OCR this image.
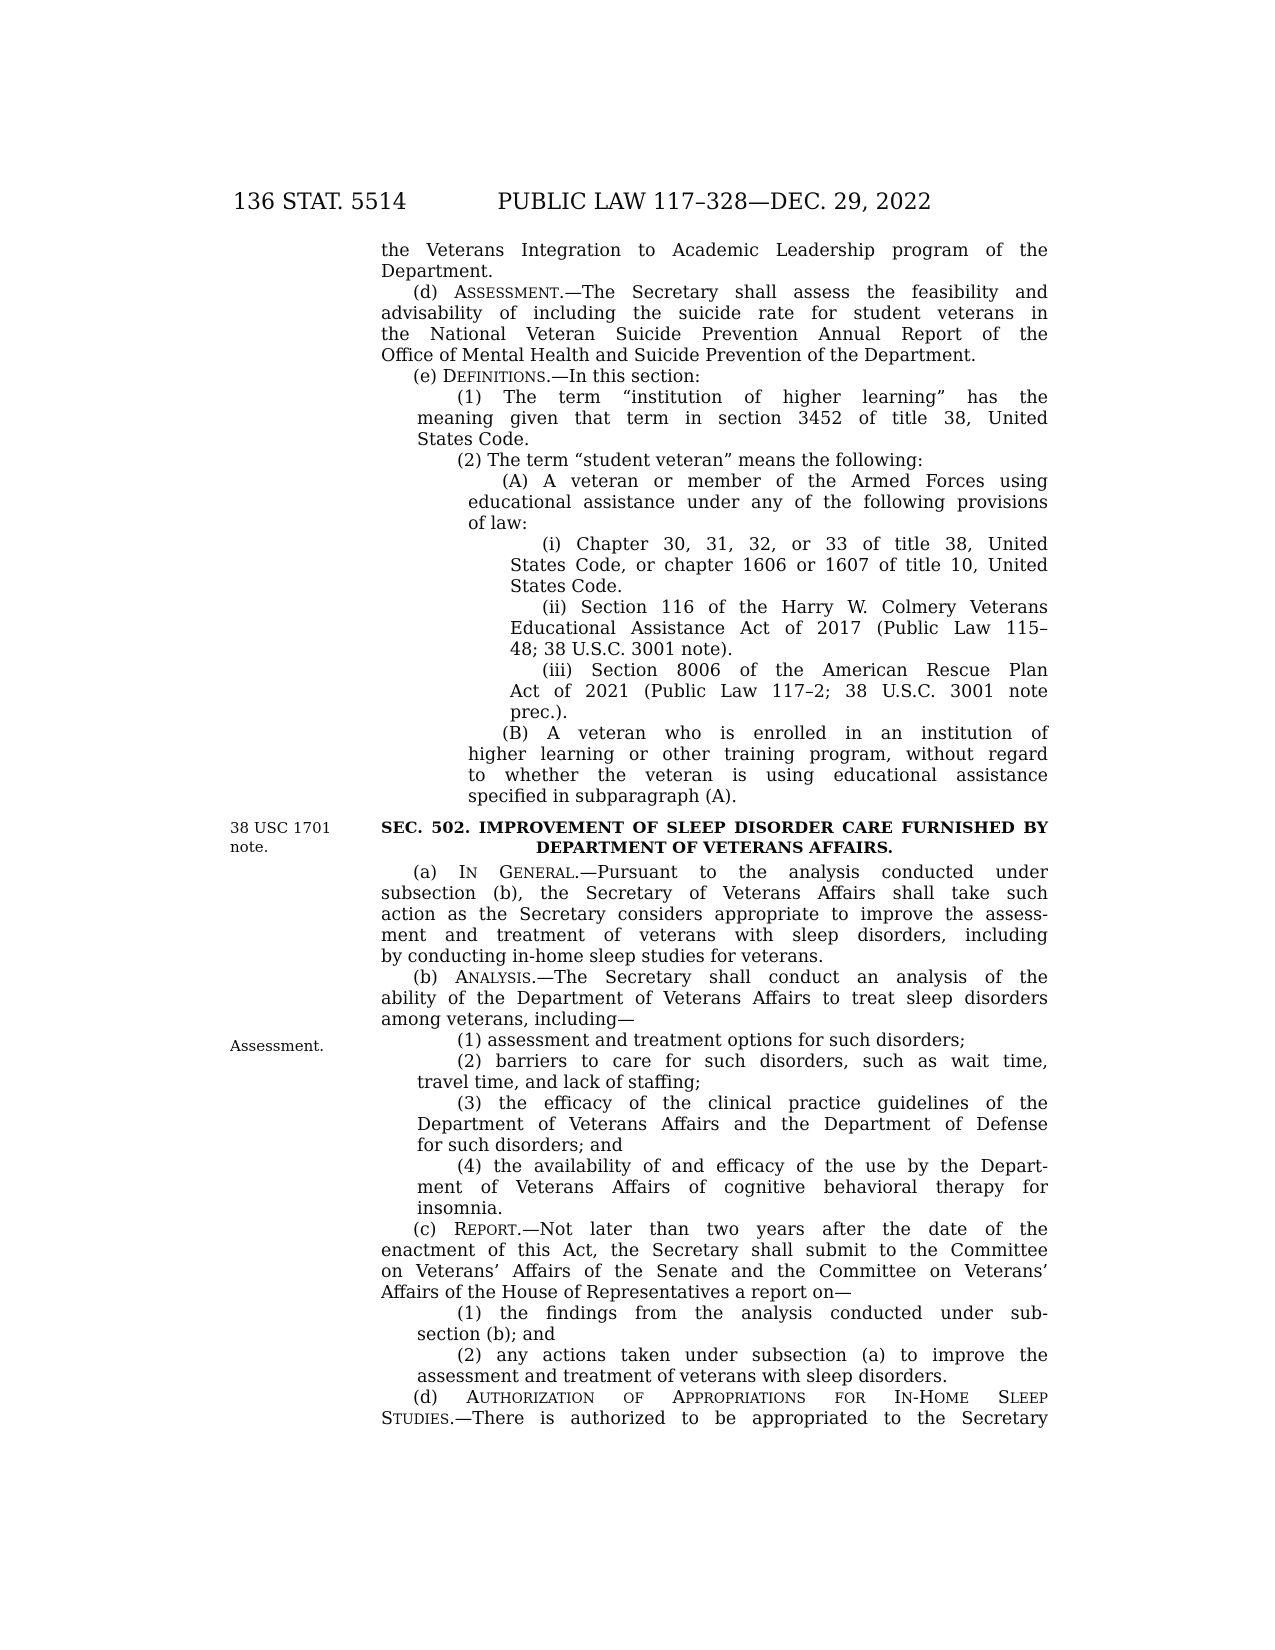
136 STAT. 5514	PUBLIC LAW 117–328—DEC. 29, 2022
38 USC 1701
note.
Assessment.
the Veterans Integration to Academic Leadership program of the
Department.
(d) ASSESSMENT.—The Secretary shall assess the feasibility and
advisability of including the suicide rate for student veterans in
the National Veteran Suicide Prevention Annual Report of the
Office of Mental Health and Suicide Prevention of the Department.
(e) DEFINITIONS.—In this section:
(1) The term “institution of higher learning” has the
meaning given that term in section 3452 of title 38, United
States Code.
(2) The term “student veteran” means the following:
(A) A veteran or member of the Armed Forces using
educational assistance under any of the following provisions
of law:
(i) Chapter 30, 31, 32, or 33 of title 38, United
States Code, or chapter 1606 or 1607 of title 10, United
States Code.
(ii) Section 116 of the Harry W. Colmery Veterans
Educational Assistance Act of 2017 (Public Law 115–
48; 38 U.S.C. 3001 note).
(iii) Section 8006 of the American Rescue Plan
Act of 2021 (Public Law 117–2; 38 U.S.C. 3001 note
prec.).
(B) A veteran who is enrolled in an institution of
higher learning or other training program, without regard
to whether the veteran is using educational assistance
specified in subparagraph (A).
SEC. 502. IMPROVEMENT OF SLEEP DISORDER CARE FURNISHED BY
DEPARTMENT OF VETERANS AFFAIRS.
(a) IN GENERAL.—Pursuant to the analysis conducted under
subsection (b), the Secretary of Veterans Affairs shall take such
action as the Secretary considers appropriate to improve the assess-
ment and treatment of veterans with sleep disorders, including
by conducting in-home sleep studies for veterans.
(b) ANALYSIS.—The Secretary shall conduct an analysis of the
ability of the Department of Veterans Affairs to treat sleep disorders
among veterans, including—
(1) assessment and treatment options for such disorders;
(2) barriers to care for such disorders, such as wait time,
travel time, and lack of staffing;
(3) the efficacy of the clinical practice guidelines of the
Department of Veterans Affairs and the Department of Defense
for such disorders; and
(4) the availability of and efficacy of the use by the Depart-
ment of Veterans Affairs of cognitive behavioral therapy for
insomnia.
(c) REPORT.—Not later than two years after the date of the
enactment of this Act, the Secretary shall submit to the Committee
on Veterans’ Affairs of the Senate and the Committee on Veterans’
Affairs of the House of Representatives a report on—
(1) the findings from the analysis conducted under sub-
section (b); and
(2) any actions taken under subsection (a) to improve the
assessment and treatment of veterans with sleep disorders.
(d) AUTHORIZATION OF APPROPRIATIONS FOR IN-HOME SLEEP
STUDIES.—There is authorized to be appropriated to the Secretary
